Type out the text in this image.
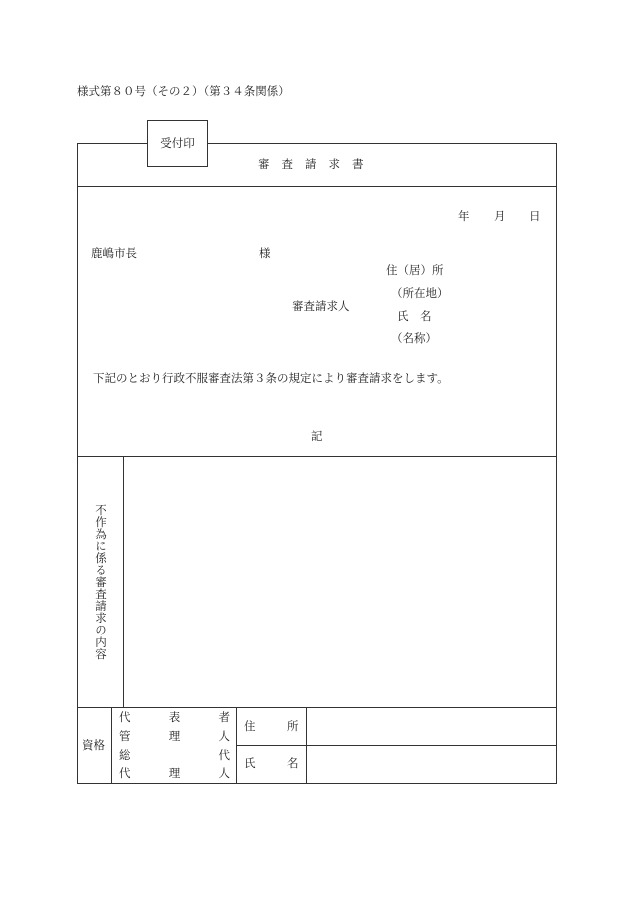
様式第８０号（その２）（第３４条関係）
受付印
審査請求書
年 月 日
鹿嶋市長	様
住（居）所
審査請求人
（所在地）
氏　名
（名称）
下記のとおり行政不服審査法第３条の規定により審査請求をします。
記
不作為に係る審査請求の内容
資格
代	表	者
管	理	人
総	代
代	理	人
住　所
氏　名
